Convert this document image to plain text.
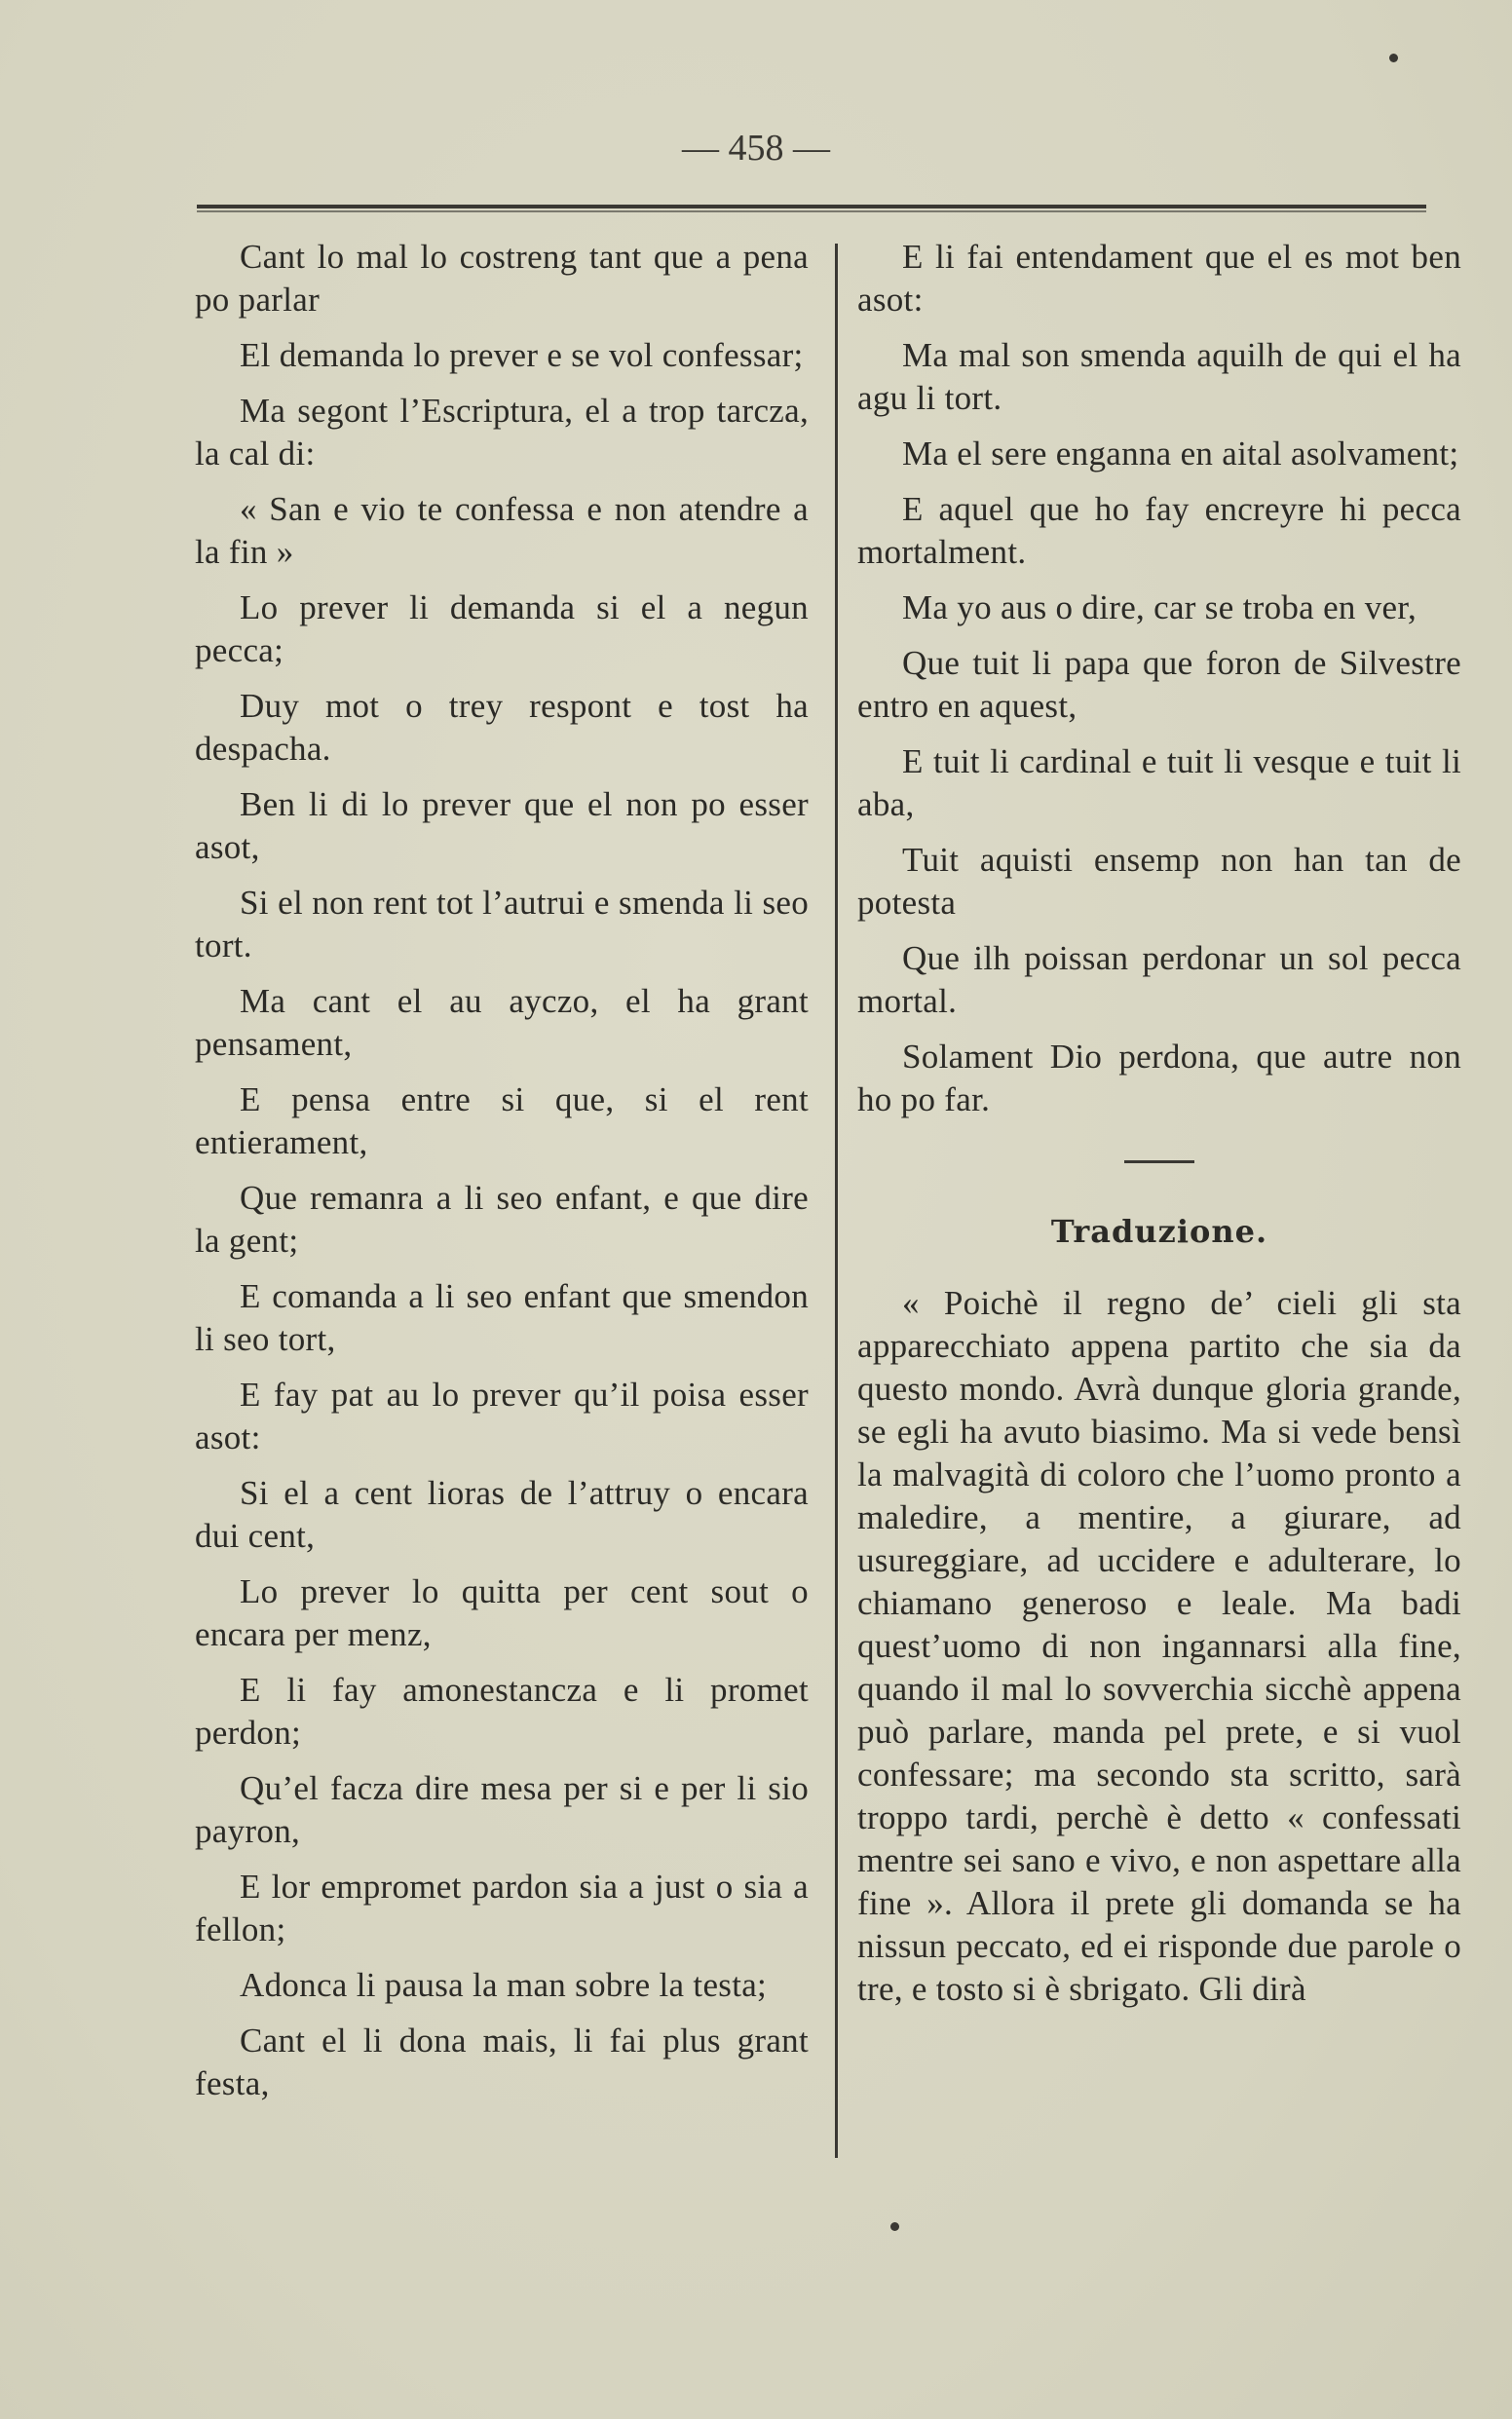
— 458 —

Cant lo mal lo costreng tant que a pena po parlar

El demanda lo prever e se vol confessar;

Ma segont l’Escriptura, el a trop tarcza, la cal di:

« San e vio te confessa e non atendre a la fin »

Lo prever li demanda si el a negun pecca;

Duy mot o trey respont e tost ha despacha.

Ben li di lo prever que el non po esser asot,

Si el non rent tot l’autrui e smenda li seo tort.

Ma cant el au ayczo, el ha grant pensament,

E pensa entre si que, si el rent entierament,

Que remanra a li seo enfant, e que dire la gent;

E comanda a li seo enfant que smendon li seo tort,

E fay pat au lo prever qu’il poisa esser asot:

Si el a cent lioras de l’attruy o encara dui cent,

Lo prever lo quitta per cent sout o encara per menz,

E li fay amonestancza e li promet perdon;

Qu’el facza dire mesa per si e per li sio payron,

E lor empromet pardon sia a just o sia a fellon;

Adonca li pausa la man sobre la testa;

Cant el li dona mais, li fai plus grant festa,

E li fai entendament que el es mot ben asot:

Ma mal son smenda aquilh de qui el ha agu li tort.

Ma el sere enganna en aital asolvament;

E aquel que ho fay encreyre hi pecca mortalment.

Ma yo aus o dire, car se troba en ver,

Que tuit li papa que foron de Silvestre entro en aquest,

E tuit li cardinal e tuit li vesque e tuit li aba,

Tuit aquisti ensemp non han tan de potesta

Que ilh poissan perdonar un sol pecca mortal.

Solament Dio perdona, que autre non ho po far.

Traduzione.

« Poichè il regno de’ cieli gli sta apparecchiato appena partito che sia da questo mondo. Avrà dunque gloria grande, se egli ha avuto biasimo. Ma si vede bensì la malvagità di coloro che l’uomo pronto a maledire, a mentire, a giurare, ad usureggiare, ad uccidere e adulterare, lo chiamano generoso e leale. Ma badi quest’uomo di non ingannarsi alla fine, quando il mal lo sovverchia sicchè appena può parlare, manda pel prete, e si vuol confessare; ma secondo sta scritto, sarà troppo tardi, perchè è detto « confessati mentre sei sano e vivo, e non aspettare alla fine ». Allora il prete gli domanda se ha nissun peccato, ed ei risponde due parole o tre, e tosto si è sbrigato. Gli dirà
